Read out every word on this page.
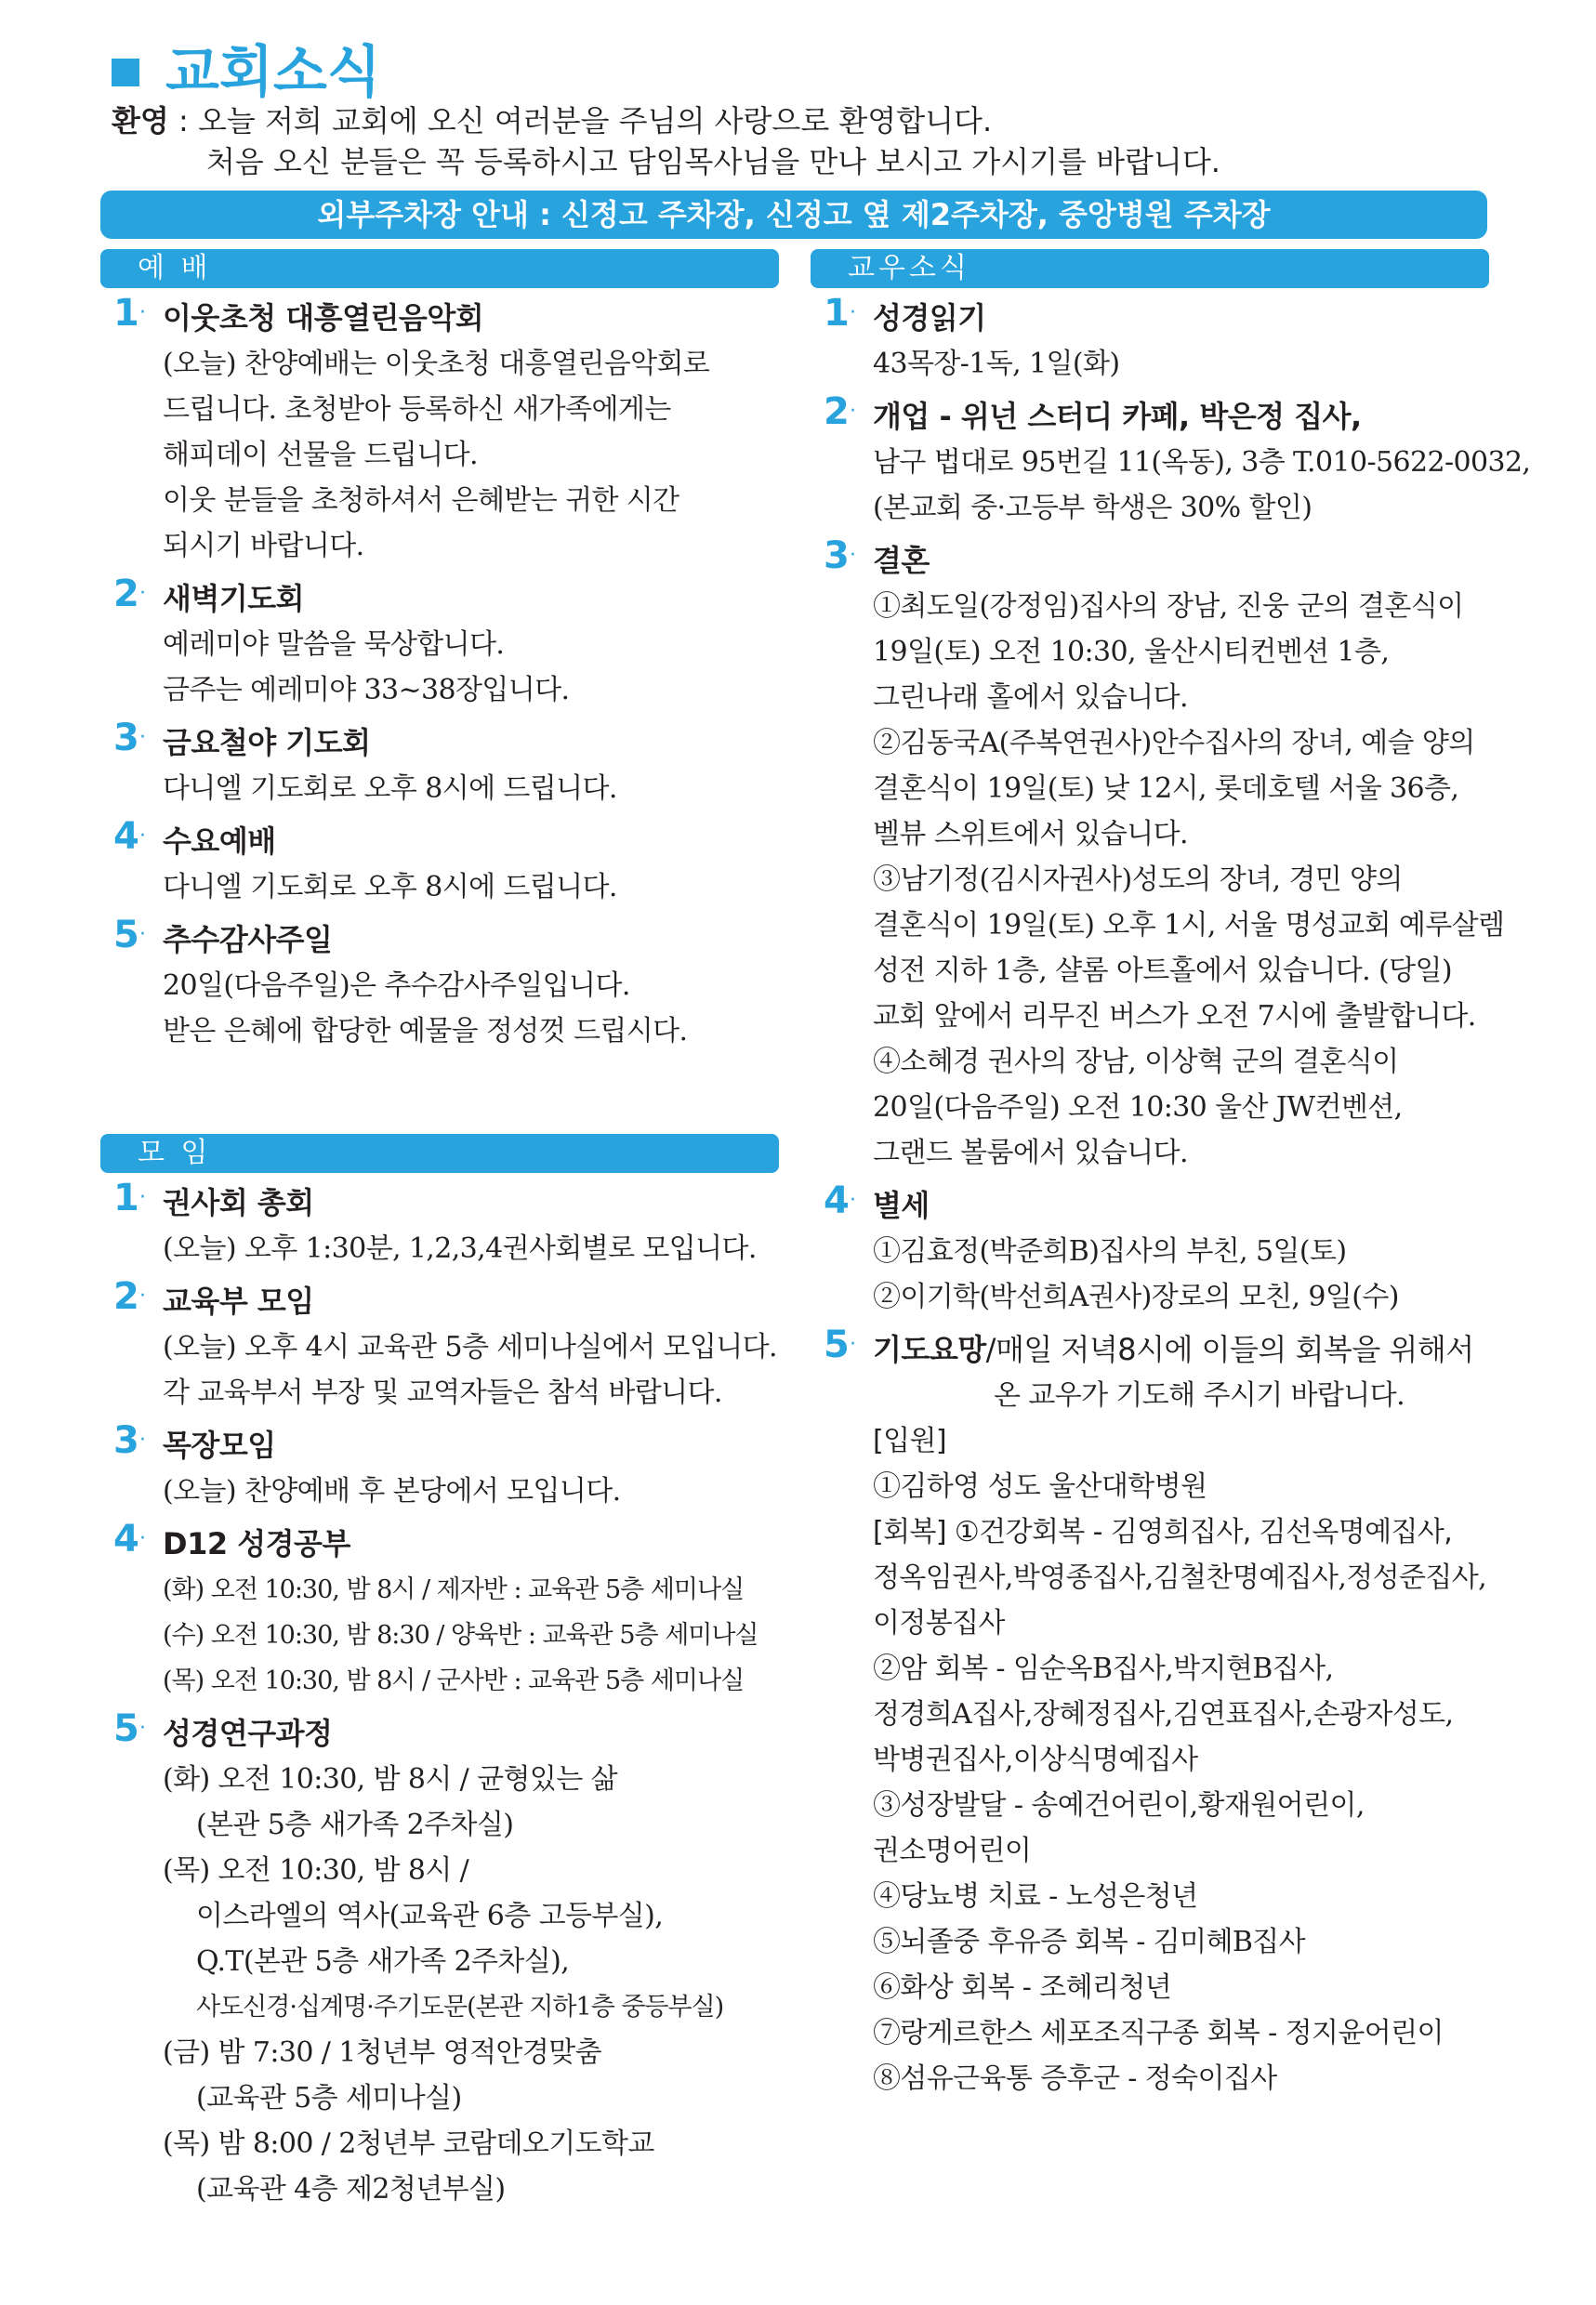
교회소식
환영 : 오늘 저희 교회에 오신 여러분을 주님의 사랑으로 환영합니다.
처음 오신 분들은 꼭 등록하시고 담임목사님을 만나 보시고 가시기를 바랍니다.
외부주차장 안내 : 신정고 주차장, 신정고 옆 제2주차장, 중앙병원 주차장
예 배
1 · 이웃초청 대흥열린음악회
(오늘) 찬양예배는 이웃초청 대흥열린음악회로
드립니다. 초청받아 등록하신 새가족에게는
해피데이 선물을 드립니다.
이웃 분들을 초청하셔서 은혜받는 귀한 시간
되시기 바랍니다.
2 · 새벽기도회
예레미야 말씀을 묵상합니다.
금주는 예레미야 33~38장입니다.
3 · 금요철야 기도회
다니엘 기도회로 오후 8시에 드립니다.
4 · 수요예배
다니엘 기도회로 오후 8시에 드립니다.
5 · 추수감사주일
20일(다음주일)은 추수감사주일입니다.
받은 은혜에 합당한 예물을 정성껏 드립시다.
모 임
1 · 권사회 총회
(오늘) 오후 1:30분, 1,2,3,4권사회별로 모입니다.
2 · 교육부 모임
(오늘) 오후 4시 교육관 5층 세미나실에서 모입니다.
각 교육부서 부장 및 교역자들은 참석 바랍니다.
3 · 목장모임
(오늘) 찬양예배 후 본당에서 모입니다.
4 · D12 성경공부
(화) 오전 10:30, 밤 8시 / 제자반 : 교육관 5층 세미나실
(수) 오전 10:30, 밤 8:30 / 양육반 : 교육관 5층 세미나실
(목) 오전 10:30, 밤 8시 / 군사반 : 교육관 5층 세미나실
5 · 성경연구과정
(화) 오전 10:30, 밤 8시 / 균형있는 삶
(본관 5층 새가족 2주차실)
(목) 오전 10:30, 밤 8시 /
이스라엘의 역사(교육관 6층 고등부실),
Q.T(본관 5층 새가족 2주차실),
사도신경·십계명·주기도문(본관 지하1층 중등부실)
(금) 밤 7:30 / 1청년부 영적안경맞춤
(교육관 5층 세미나실)
(목) 밤 8:00 / 2청년부 코람데오기도학교
(교육관 4층 제2청년부실)
교우소식
1 · 성경읽기
43목장-1독, 1일(화)
2 · 개업 - 위넌 스터디 카페, 박은정 집사,
남구 법대로 95번길 11(옥동), 3층 T.010-5622-0032,
(본교회 중·고등부 학생은 30% 할인)
3 · 결혼
①최도일(강정임)집사의 장남, 진웅 군의 결혼식이
19일(토) 오전 10:30, 울산시티컨벤션 1층,
그린나래 홀에서 있습니다.
②김동국A(주복연권사)안수집사의 장녀, 예슬 양의
결혼식이 19일(토) 낮 12시, 롯데호텔 서울 36층,
벨뷰 스위트에서 있습니다.
③남기정(김시자권사)성도의 장녀, 경민 양의
결혼식이 19일(토) 오후 1시, 서울 명성교회 예루살렘
성전 지하 1층, 샬롬 아트홀에서 있습니다. (당일)
교회 앞에서 리무진 버스가 오전 7시에 출발합니다.
④소혜경 권사의 장남, 이상혁 군의 결혼식이
20일(다음주일) 오전 10:30 울산 JW컨벤션,
그랜드 볼룸에서 있습니다.
4 · 별세
①김효정(박준희B)집사의 부친, 5일(토)
②이기학(박선희A권사)장로의 모친, 9일(수)
5 · 기도요망/매일 저녁8시에 이들의 회복을 위해서
온 교우가 기도해 주시기 바랍니다.
[입원]
①김하영 성도 울산대학병원
[회복] ①건강회복 - 김영희집사, 김선옥명예집사,
정옥임권사,박영종집사,김철찬명예집사,정성준집사,
이정봉집사
②암 회복 - 임순옥B집사,박지현B집사,
정경희A집사,장혜정집사,김연표집사,손광자성도,
박병권집사,이상식명예집사
③성장발달 - 송예건어린이,황재원어린이,
권소명어린이
④당뇨병 치료 - 노성은청년
⑤뇌졸중 후유증 회복 - 김미혜B집사
⑥화상 회복 - 조혜리청년
⑦랑게르한스 세포조직구종 회복 - 정지윤어린이
⑧섬유근육통 증후군 - 정숙이집사
